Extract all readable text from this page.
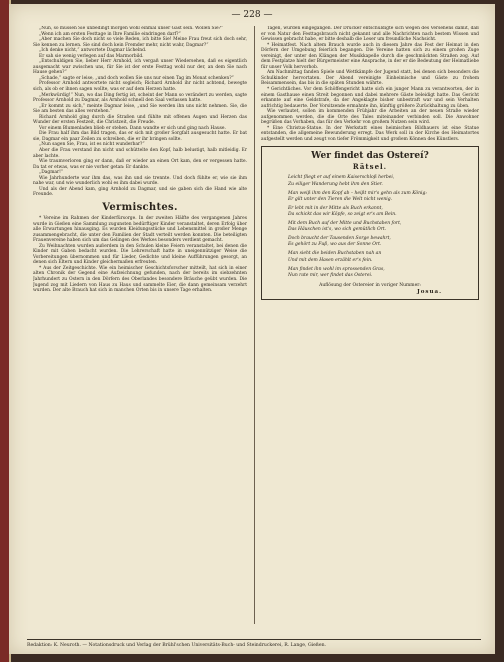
— 228 —

„Nun, so müssen Sie unbedingt morgen wohl einmal unser Gast sein. Wollen Sie?“

„Wenn ich am ersten Festtage in Ihre Familie eindringen darf?“

„Aber machen Sie doch nicht so viele Reden, ich bitte Sie! Meine Frau freut sich doch sehr, Sie kennen zu lernen. Sie sind doch kein Fremder mehr, nicht wahr, Dagmar?“

„Ich denke nicht,“ antwortete Dagmar lächelnd.

Er sah sie wenig verlegen auf das Marmorbild.

„Entschuldigen Sie, lieber Herr Arnhold, ich vergaß unser Wiedersehen, daß es eigentlich ausgemacht war zwischen uns, für Sie ist der erste Festtag wohl nur der, an dem Sie nach Hause gehen?“

„Schade,“ sagte er leise, „und doch wollen Sie uns nur einen Tag im Monat schenken?“

Professor Arnhold antwortete nicht sogleich; Richard Arnhold ihr nicht achtend, bewegte sich, als ob er ihnen sagen wollte, was er auf dem Herzen hatte.

„Merkwürdig!“ Nun, wo das Ding fertig ist, scheint der Mann so verändert zu werden, sagte Professor Arnhold zu Dagmar, als Arnhold schnell den Saal verlassen hatte.

„Er kommt zu sich,“ meinte Dagmar leise, „und Sie werden ihn uns nicht nehmen. Sie, die Sie am besten das alles verstehen.“

Richard Arnhold ging durch die Straßen und fühlte mit offenen Augen und Herzen das Wunder der ersten Festzeit, die Christzeit, die Freude.

Vor einem Blumenladen blieb er stehen. Dann wandte er sich und ging nach Hause.

Die Frau half ihm das Bild tragen, das er sich mit großer Sorgfalt ausgesucht hatte. Er bat sie, Dagmar ein paar Zeilen zu schreiben, die er ihr bringen sollte.

„Nun sagen Sie, Frau, ist es nicht wunderbar?“

Aber die Frau verstand ihn nicht und schüttelte den Kopf, halb belustigt, halb mitleidig. Er aber lachte.

Wie traumverloren ging er dann, daß er wieder an einen Ort kam, den er vergessen hatte. Da tat er etwas, was er nie vorher getan: Er dankte.

„Dagmar!“

Wie Jahrhunderte war ihm das, was ihn und sie trennte. Und doch fühlte er, wie sie ihm nahe war, und wie wunderlich wohl es ihm dabei wurde.

Und als der Abend kam, ging Arnhold zu Dagmar, und sie gaben sich die Hand wie alte Freunde.

Vermischtes.

* Vereine im Rahmen der Kinderfürsorge. In der zweiten Hälfte des vergangenen Jahres wurde in Gießen eine Sammlung zugunsten bedürftiger Kinder veranstaltet, deren Erfolg über alle Erwartungen hinausging. Es wurden Kleidungsstücke und Lebensmittel in großer Menge zusammengebracht, die unter den Familien der Stadt verteilt werden konnten. Die beteiligten Frauenvereine haben sich um das Gelingen des Werkes besonders verdient gemacht.

Zu Weihnachten wurden außerdem in den Schulen kleine Feiern veranstaltet, bei denen die Kinder mit Gaben bedacht wurden. Die Lehrerschaft hatte in uneigennütziger Weise die Vorbereitungen übernommen und für Lieder, Gedichte und kleine Aufführungen gesorgt, an denen sich Eltern und Kinder gleichermaßen erfreuten.

* Aus der Zeitgeschichte. Wie ein heimischer Geschichtsforscher mitteilt, hat sich in einer alten Chronik der Gegend eine Aufzeichnung gefunden, nach der bereits im siebzehnten Jahrhundert zu Ostern in den Dörfern des Oberlandes besondere Bräuche geübt wurden. Die Jugend zog mit Liedern von Haus zu Haus und sammelte Eier, die dann gemeinsam verzehrt wurden. Der alte Brauch hat sich in manchen Orten bis in unsere Tage erhalten.

Tagen, wurden eingegangen. Der Drucker entschuldigte sich wegen des Versehens damit, daß er von Natur den Festtagsbrauch nicht gekannt und alle Nachrichten nach bestem Wissen und Gewissen gebracht habe, er bitte deshalb die Leser um freundliche Nachsicht.

* Heimatfest. Nach altem Brauch wurde auch in diesem Jahre das Fest der Heimat in den Dörfern der Umgebung feierlich begangen. Die Vereine hatten sich zu einem großen Zuge vereinigt, der unter den Klängen der Musikkapelle durch die geschmückten Straßen zog. Auf dem Festplatze hielt der Bürgermeister eine Ansprache, in der er die Bedeutung der Heimatliebe für unser Volk hervorhob.

Am Nachmittag fanden Spiele und Wettkämpfe der Jugend statt, bei denen sich besonders die Schulkinder hervortaten. Der Abend vereinigte Einheimische und Gäste zu frohem Beisammensein, das bis in die späten Stunden währte.

* Gerichtliches. Vor dem Schöffengericht hatte sich ein junger Mann zu verantworten, der in einem Gasthause einen Streit begonnen und dabei mehrere Gäste beleidigt hatte. Das Gericht erkannte auf eine Geldstrafe, da der Angeklagte bisher unbestraft war und sein Verhalten aufrichtig bedauerte. Der Vorsitzende ermahnte ihn, künftig größere Zurückhaltung zu üben.

Wie verlautet, sollen im kommenden Frühjahr die Arbeiten an der neuen Straße wieder aufgenommen werden, die die Orte des Tales miteinander verbinden soll. Die Anwohner begrüßen das Vorhaben, das für den Verkehr von großem Nutzen sein wird.

* Eine Christus-Statue. In der Werkstatt eines heimischen Bildhauers ist eine Statue entstanden, die allgemeine Bewunderung erregt. Das Werk soll in der Kirche des Heimatortes aufgestellt werden und zeugt von tiefer Frömmigkeit und großem Können des Künstlers.

Wer findet das Ostereí?
Rätsel.
Leicht fliegt er auf einem Kaiserschloß herbei,
Zu eiliger Wanderung hebt ihm den Stier.
Man weiß ihm den Kopf ab – heißt mir's gehn als zum König:
Er gilt unter den Tieren die Welt nicht wenig.
Er lebt mit in der Mitte als Buch erkannt,
Da schickt das wir Köpfe, so zeigt er's am Bein.
Mit dem Buch auf der Mitte und Buchstaben fort,
Das Häuschen ist's, wo sich gemütlich Ort.
Doch braucht der Tausenden Sorge bewahrt,
Es gehört zu Fuß, wo aus der Sonne Ort.
Man sieht die beiden Buchstaben nah an
Und mit dem Hasen erzählt er's fein.
Man findet ihn wohl im sprossenden Gras,
Nun rate mir, wer findet das Osterei.
Auflösung der Ostereier in voriger Nummer:
Josua.
Redaktion: K. Neuroth. — Notationsdruck und Verlag der Brühl'schen Universitäts-Buch- und Steindruckerei, R. Lange, Gießen.
